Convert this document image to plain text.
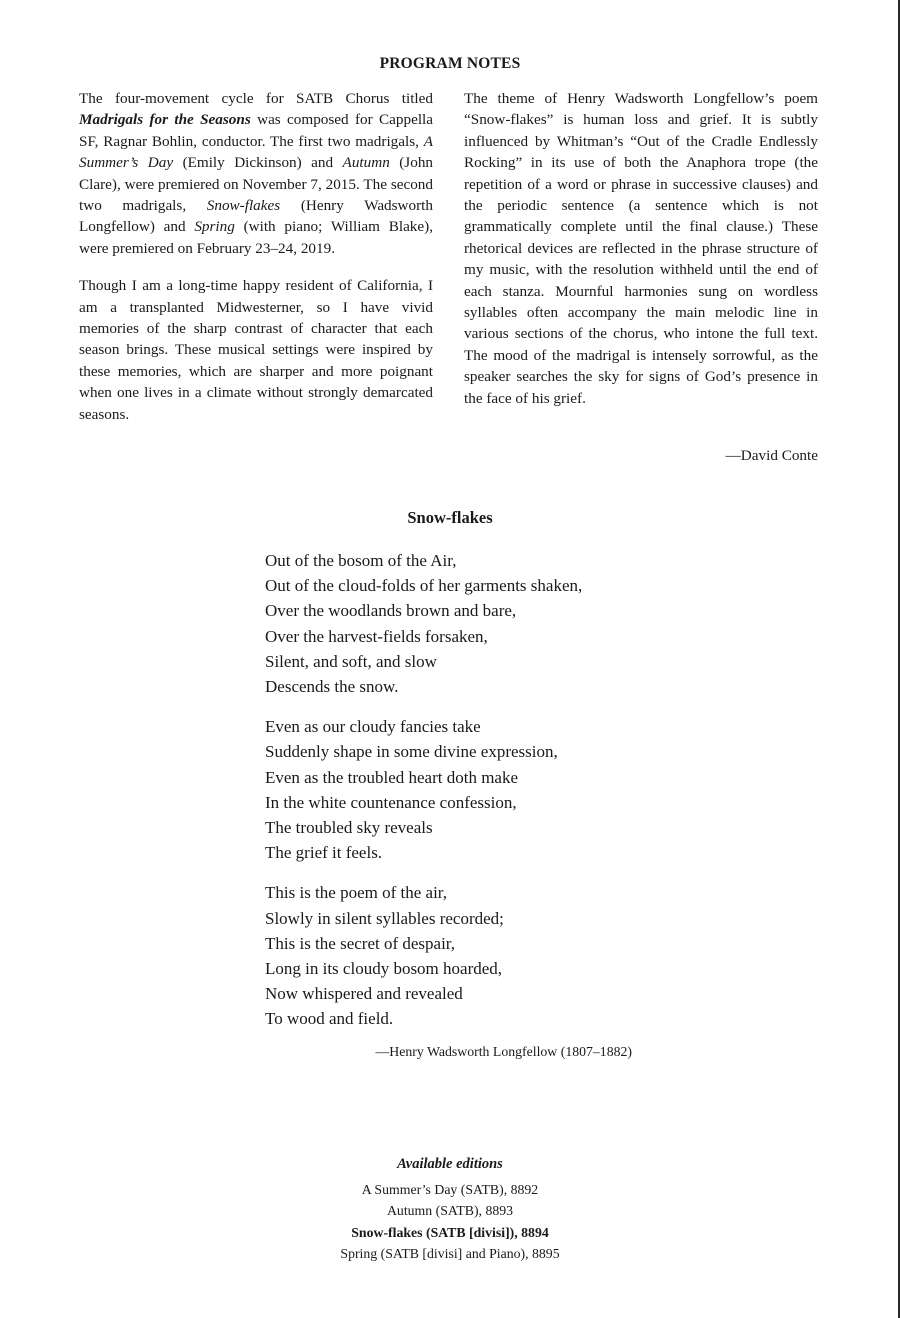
PROGRAM NOTES

The four-movement cycle for SATB Chorus titled Madrigals for the Seasons was composed for Cappella SF, Ragnar Bohlin, conductor. The first two madrigals, A Summer’s Day (Emily Dickinson) and Autumn (John Clare), were premiered on November 7, 2015. The second two madrigals, Snow-flakes (Henry Wadsworth Longfellow) and Spring (with piano; William Blake), were premiered on February 23–24, 2019.

Though I am a long-time happy resident of California, I am a transplanted Midwesterner, so I have vivid memories of the sharp contrast of character that each season brings. These musical settings were inspired by these memories, which are sharper and more poignant when one lives in a climate without strongly demarcated seasons.

The theme of Henry Wadsworth Longfellow’s poem “Snow-flakes” is human loss and grief. It is subtly influenced by Whitman’s “Out of the Cradle Endlessly Rocking” in its use of both the Anaphora trope (the repetition of a word or phrase in successive clauses) and the periodic sentence (a sentence which is not grammatically complete until the final clause.) These rhetorical devices are reflected in the phrase structure of my music, with the resolution withheld until the end of each stanza. Mournful harmonies sung on wordless syllables often accompany the main melodic line in various sections of the chorus, who intone the full text. The mood of the madrigal is intensely sorrowful, as the speaker searches the sky for signs of God’s presence in the face of his grief.

—David Conte
Snow-flakes
Out of the bosom of the Air,
Out of the cloud-folds of her garments shaken,
Over the woodlands brown and bare,
Over the harvest-fields forsaken,
Silent, and soft, and slow
Descends the snow.
Even as our cloudy fancies take
Suddenly shape in some divine expression,
Even as the troubled heart doth make
In the white countenance confession,
The troubled sky reveals
The grief it feels.
This is the poem of the air,
Slowly in silent syllables recorded;
This is the secret of despair,
Long in its cloudy bosom hoarded,
Now whispered and revealed
To wood and field.
—Henry Wadsworth Longfellow (1807–1882)
Available editions
A Summer’s Day (SATB), 8892
Autumn (SATB), 8893
Snow-flakes (SATB [divisi]), 8894
Spring (SATB [divisi] and Piano), 8895
